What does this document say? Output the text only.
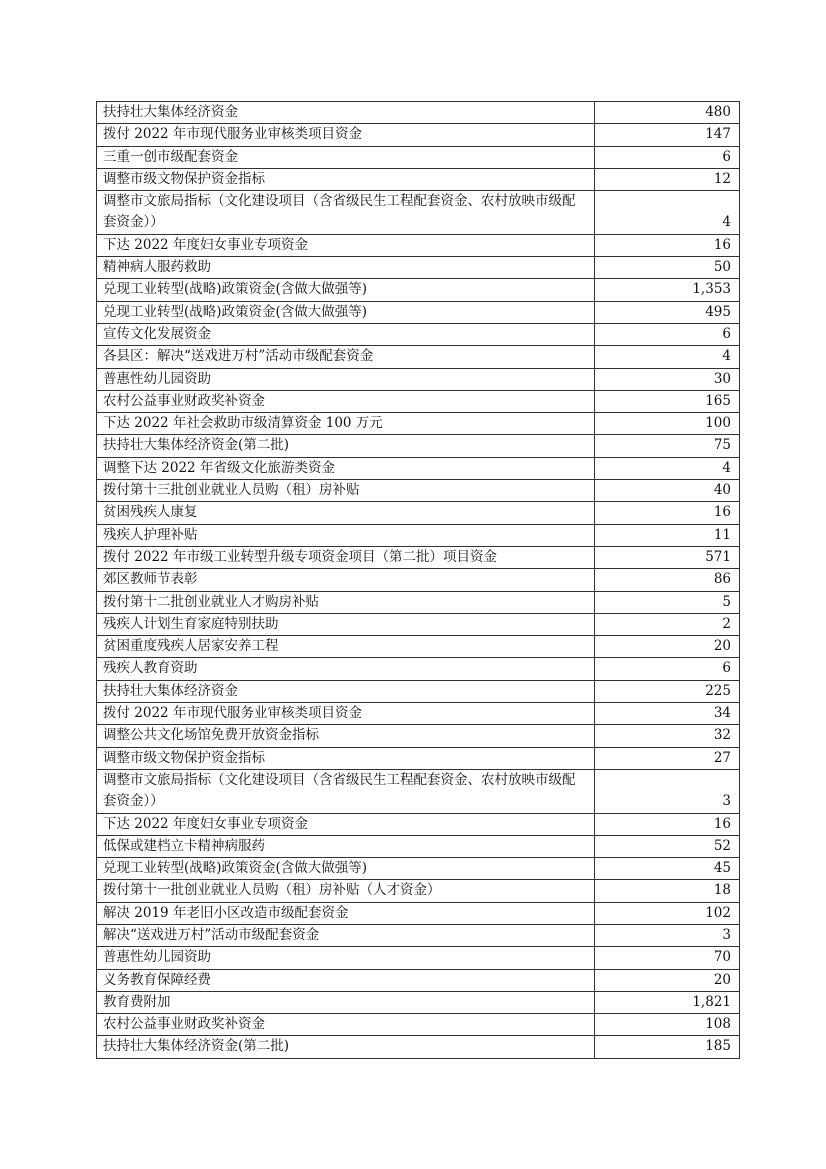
扶持壮大集体经济资金	480
拨付 2022 年市现代服务业审核类项目资金	147
三重一创市级配套资金	6
调整市级文物保护资金指标	12
调整市文旅局指标（文化建设项目（含省级民生工程配套资金、农村放映市级配套资金））	4
下达 2022 年度妇女事业专项资金	16
精神病人服药救助	50
兑现工业转型(战略)政策资金(含做大做强等)	1,353
兑现工业转型(战略)政策资金(含做大做强等)	495
宣传文化发展资金	6
各县区：解决“送戏进万村”活动市级配套资金	4
普惠性幼儿园资助	30
农村公益事业财政奖补资金	165
下达 2022 年社会救助市级清算资金 100 万元	100
扶持壮大集体经济资金(第二批)	75
调整下达 2022 年省级文化旅游类资金	4
拨付第十三批创业就业人员购（租）房补贴	40
贫困残疾人康复	16
残疾人护理补贴	11
拨付 2022 年市级工业转型升级专项资金项目（第二批）项目资金	571
郊区教师节表彰	86
拨付第十二批创业就业人才购房补贴	5
残疾人计划生育家庭特别扶助	2
贫困重度残疾人居家安养工程	20
残疾人教育资助	6
扶持壮大集体经济资金	225
拨付 2022 年市现代服务业审核类项目资金	34
调整公共文化场馆免费开放资金指标	32
调整市级文物保护资金指标	27
调整市文旅局指标（文化建设项目（含省级民生工程配套资金、农村放映市级配套资金））	3
下达 2022 年度妇女事业专项资金	16
低保或建档立卡精神病服药	52
兑现工业转型(战略)政策资金(含做大做强等)	45
拨付第十一批创业就业人员购（租）房补贴（人才资金）	18
解决 2019 年老旧小区改造市级配套资金	102
解决“送戏进万村”活动市级配套资金	3
普惠性幼儿园资助	70
义务教育保障经费	20
教育费附加	1,821
农村公益事业财政奖补资金	108
扶持壮大集体经济资金(第二批)	185
